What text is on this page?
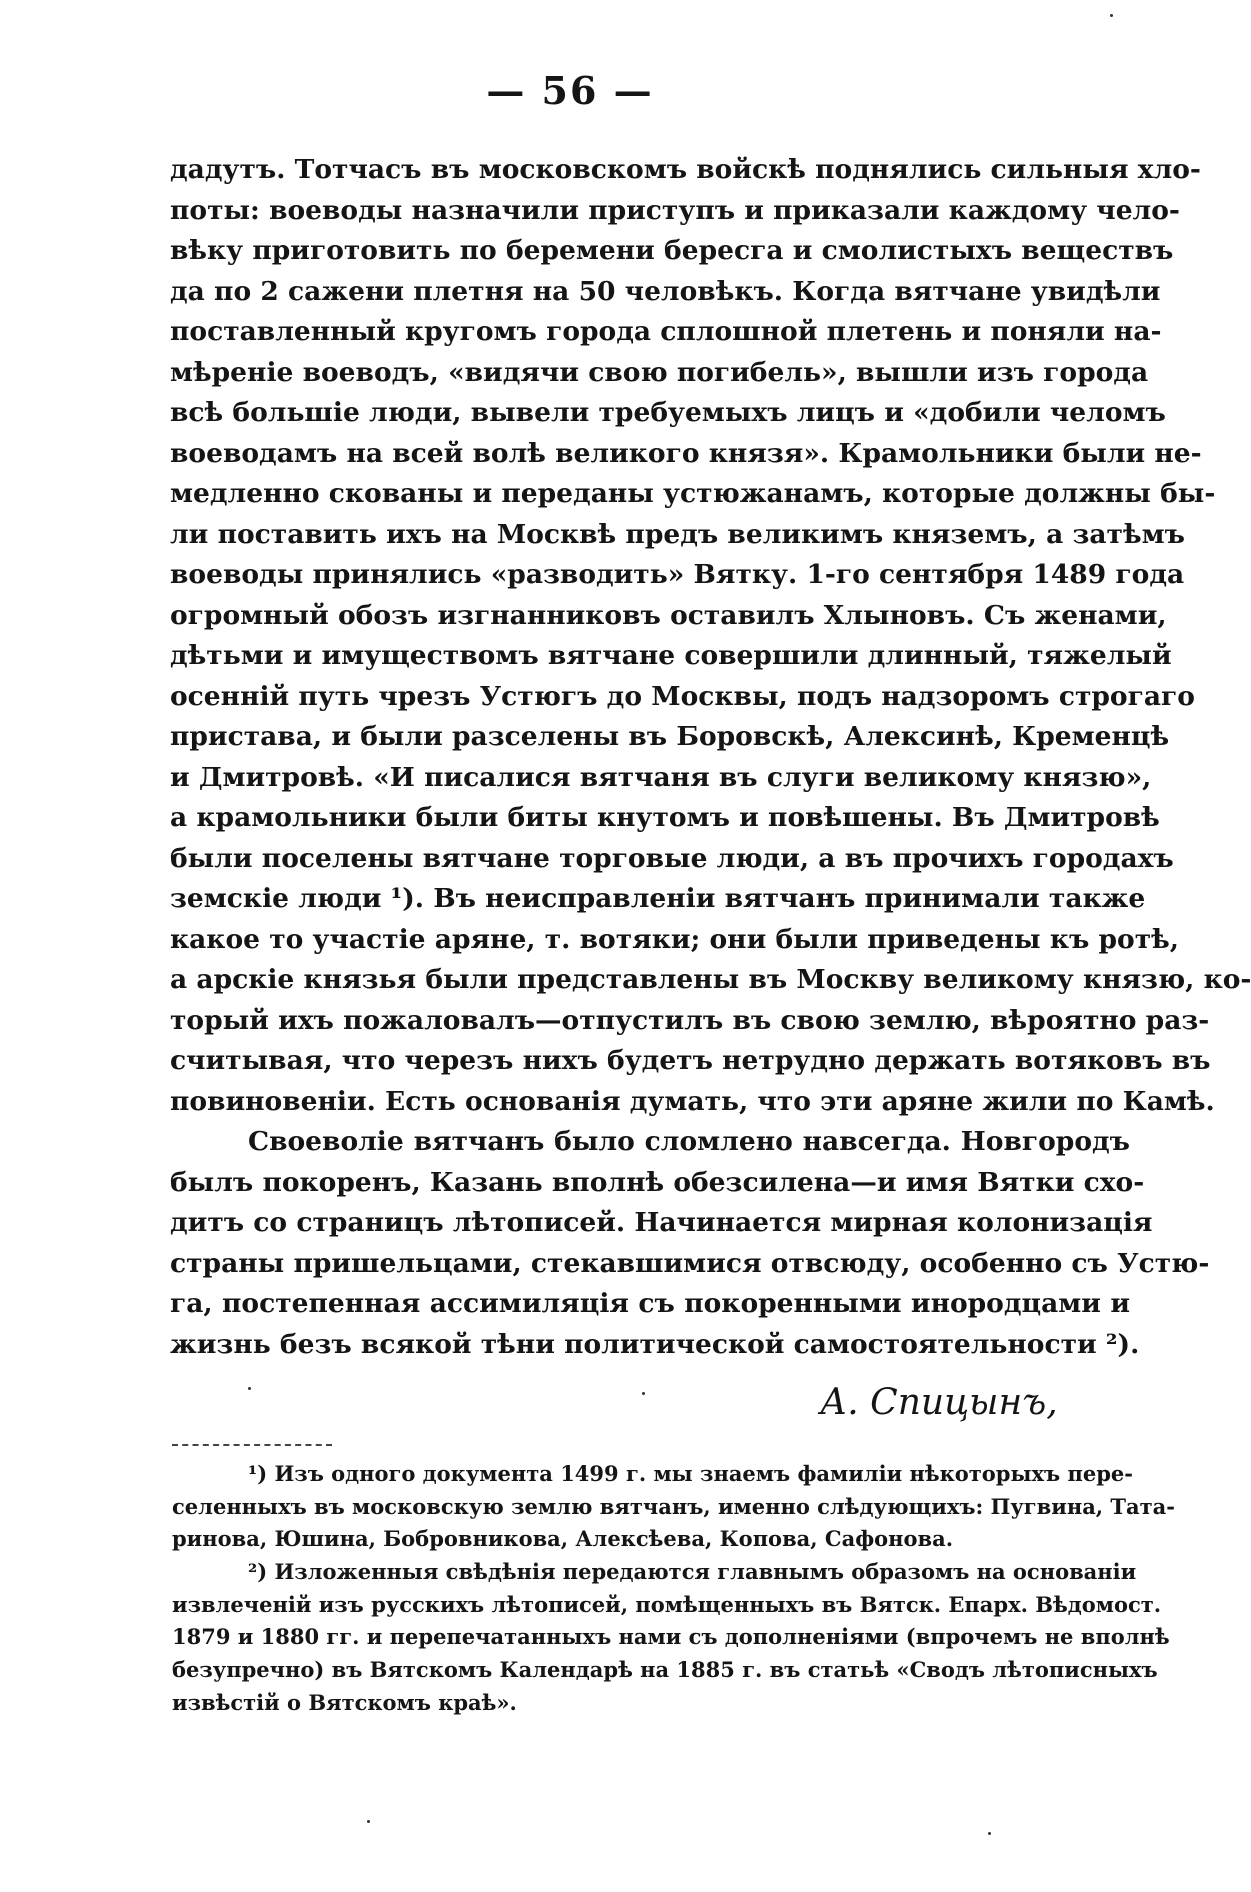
— 56 —
дадутъ. Тотчасъ въ московскомъ войскѣ поднялись сильныя хло-
поты: воеводы назначили приступъ и приказали каждому чело-
вѣку приготовить по беремени бересга и смолистыхъ веществъ
да по 2 сажени плетня на 50 человѣкъ. Когда вятчане увидѣли
поставленный кругомъ города сплошной плетень и поняли на-
мѣреніе воеводъ, «видячи свою погибель», вышли изъ города
всѣ большіе люди, вывели требуемыхъ лицъ и «добили челомъ
воеводамъ на всей волѣ великого князя». Крамольники были не-
медленно скованы и переданы устюжанамъ, которые должны бы-
ли поставить ихъ на Москвѣ предъ великимъ княземъ, а затѣмъ
воеводы принялись «разводить» Вятку. 1-го сентября 1489 года
огромный обозъ изгнанниковъ оставилъ Хлыновъ. Съ женами,
дѣтьми и имуществомъ вятчане совершили длинный, тяжелый
осенній путь чрезъ Устюгъ до Москвы, подъ надзоромъ строгаго
пристава, и были разселены въ Боровскѣ, Алексинѣ, Кременцѣ
и Дмитровѣ. «И писалися вятчаня въ слуги великому князю»,
а крамольники были биты кнутомъ и повѣшены. Въ Дмитровѣ
были поселены вятчане торговые люди, а въ прочихъ городахъ
земскіе люди ¹). Въ неисправленіи вятчанъ принимали также
какое то участіе аряне, т. вотяки; они были приведены къ ротѣ,
а арскіе князья были представлены въ Москву великому князю, ко-
торый ихъ пожаловалъ—отпустилъ въ свою землю, вѣроятно раз-
считывая, что черезъ нихъ будетъ нетрудно держать вотяковъ въ
повиновеніи. Есть основанія думать, что эти аряне жили по Камѣ.
Своеволіе вятчанъ было сломлено навсегда. Новгородъ
былъ покоренъ, Казань вполнѣ обезсилена—и имя Вятки схо-
дитъ со страницъ лѣтописей. Начинается мирная колонизація
страны пришельцами, стекавшимися отвсюду, особенно съ Устю-
га, постепенная ассимиляція съ покоренными инородцами и
жизнь безъ всякой тѣни политической самостоятельности ²).
А. Спицынъ,
¹) Изъ одного документа 1499 г. мы знаемъ фамиліи нѣкоторыхъ пере-
селенныхъ въ московскую землю вятчанъ, именно слѣдующихъ: Пугвина, Тата-
ринова, Юшина, Бобровникова, Алексѣева, Копова, Сафонова.
²) Изложенныя свѣдѣнія передаются главнымъ образомъ на основаніи
извлеченій изъ русскихъ лѣтописей, помѣщенныхъ въ Вятск. Епарх. Вѣдомост.
1879 и 1880 гг. и перепечатанныхъ нами съ дополненіями (впрочемъ не вполнѣ
безупречно) въ Вятскомъ Календарѣ на 1885 г. въ статьѣ «Сводъ лѣтописныхъ
извѣстій о Вятскомъ краѣ».
